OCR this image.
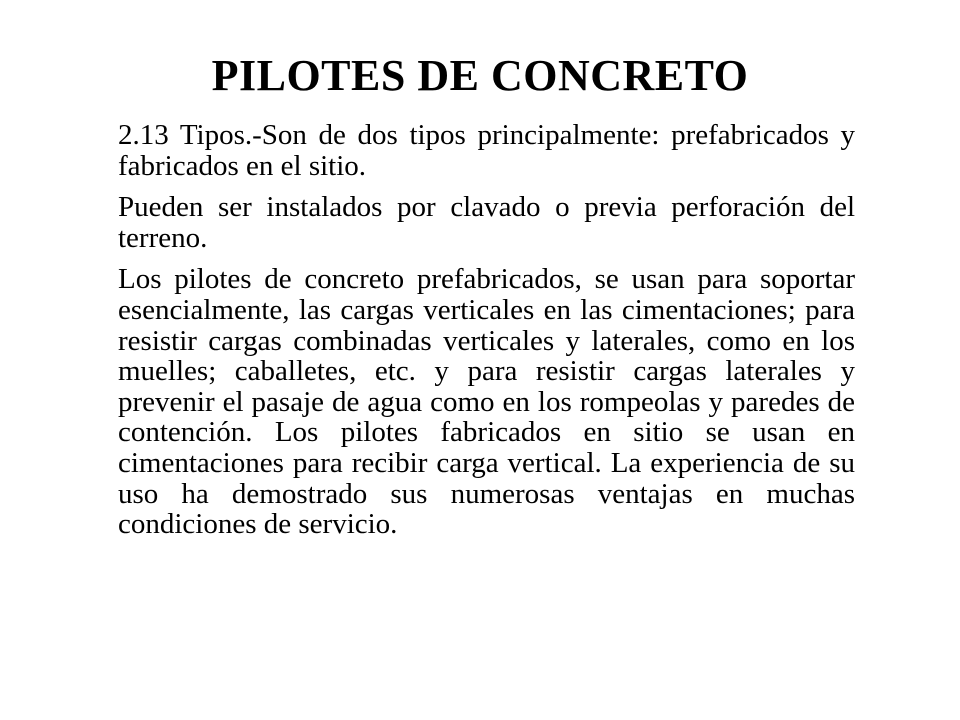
PILOTES DE CONCRETO

2.13 Tipos.-Son de dos tipos principalmente: prefabricados y fabricados en el sitio.

Pueden ser instalados por clavado o previa perforación del terreno.

Los pilotes de concreto prefabricados, se usan para soportar esencialmente, las cargas verticales en las cimentaciones; para resistir cargas combinadas verticales y laterales, como en los muelles; caballetes, etc. y para resistir cargas laterales y prevenir el pasaje de agua como en los rompeolas y paredes de contención. Los pilotes fabricados en sitio se usan en cimentaciones para recibir carga vertical. La experiencia de su uso ha demostrado sus numerosas ventajas en muchas condiciones de servicio.
